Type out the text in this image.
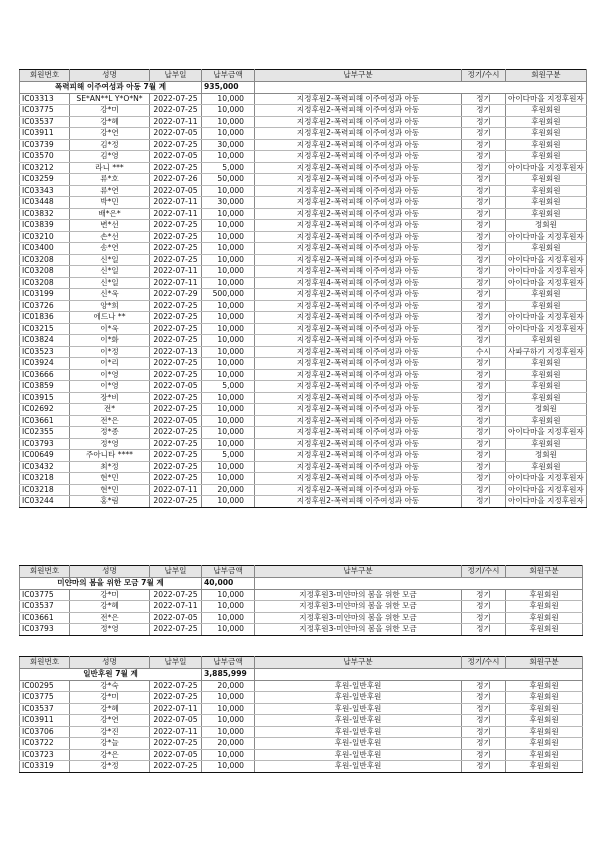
회원번호	성명	납부일	납부금액	납부구분	정기/수시	회원구분
폭력피해 이주여성과 아동 7월 계			935,000			
IC03313	SE*AN**L Y*O*N*	2022-07-25	10,000	지정후원2-폭력피해 이주여성과 아동	정기	아이다마을 지정후원자
IC03775	강*미	2022-07-25	10,000	지정후원2-폭력피해 이주여성과 아동	정기	후원회원
IC03537	강*혜	2022-07-11	10,000	지정후원2-폭력피해 이주여성과 아동	정기	후원회원
IC03911	강*연	2022-07-05	10,000	지정후원2-폭력피해 이주여성과 아동	정기	후원회원
IC03739	김*정	2022-07-25	30,000	지정후원2-폭력피해 이주여성과 아동	정기	후원회원
IC03570	김*영	2022-07-05	10,000	지정후원2-폭력피해 이주여성과 아동	정기	후원회원
IC03212	라니 ***	2022-07-25	5,000	지정후원2-폭력피해 이주여성과 아동	정기	아이다마을 지정후원자
IC03259	류*호	2022-07-26	50,000	지정후원2-폭력피해 이주여성과 아동	정기	후원회원
IC03343	류*연	2022-07-05	10,000	지정후원2-폭력피해 이주여성과 아동	정기	후원회원
IC03448	박*민	2022-07-11	30,000	지정후원2-폭력피해 이주여성과 아동	정기	후원회원
IC03832	배*은*	2022-07-11	10,000	지정후원2-폭력피해 이주여성과 아동	정기	후원회원
IC03839	변*선	2022-07-25	10,000	지정후원2-폭력피해 이주여성과 아동	정기	정회원
IC03210	손*선	2022-07-25	10,000	지정후원2-폭력피해 이주여성과 아동	정기	아이다마을 지정후원자
IC03400	송*연	2022-07-25	10,000	지정후원2-폭력피해 이주여성과 아동	정기	후원회원
IC03208	신*일	2022-07-25	10,000	지정후원2-폭력피해 이주여성과 아동	정기	아이다마을 지정후원자
IC03208	신*일	2022-07-11	10,000	지정후원2-폭력피해 이주여성과 아동	정기	아이다마을 지정후원자
IC03208	신*일	2022-07-11	10,000	지정후원4-폭력피해 이주여성과 아동	정기	아이다마을 지정후원자
IC03199	신*욱	2022-07-29	500,000	지정후원2-폭력피해 이주여성과 아동	정기	후원회원
IC03726	양*희	2022-07-25	10,000	지정후원2-폭력피해 이주여성과 아동	정기	후원회원
IC01836	에드나 **	2022-07-25	10,000	지정후원2-폭력피해 이주여성과 아동	정기	아이다마을 지정후원자
IC03215	이*욱	2022-07-25	10,000	지정후원2-폭력피해 이주여성과 아동	정기	아이다마을 지정후원자
IC03824	이*화	2022-07-25	10,000	지정후원2-폭력피해 이주여성과 아동	정기	후원회원
IC03523	이*정	2022-07-13	10,000	지정후원2-폭력피해 이주여성과 아동	수시	사파구하기 지정후원자
IC03924	이*리	2022-07-25	10,000	지정후원2-폭력피해 이주여성과 아동	정기	후원회원
IC03666	이*영	2022-07-25	10,000	지정후원2-폭력피해 이주여성과 아동	정기	후원회원
IC03859	이*영	2022-07-05	5,000	지정후원2-폭력피해 이주여성과 아동	정기	후원회원
IC03915	장*비	2022-07-25	10,000	지정후원2-폭력피해 이주여성과 아동	정기	후원회원
IC02692	전*	2022-07-25	10,000	지정후원2-폭력피해 이주여성과 아동	정기	정회원
IC03661	전*은	2022-07-05	10,000	지정후원2-폭력피해 이주여성과 아동	정기	후원회원
IC02355	정*종	2022-07-25	10,000	지정후원2-폭력피해 이주여성과 아동	정기	아이다마을 지정후원자
IC03793	정*영	2022-07-25	10,000	지정후원2-폭력피해 이주여성과 아동	정기	후원회원
IC00649	주아니타 ****	2022-07-25	5,000	지정후원2-폭력피해 이주여성과 아동	정기	정회원
IC03432	최*정	2022-07-25	10,000	지정후원2-폭력피해 이주여성과 아동	정기	후원회원
IC03218	현*민	2022-07-25	10,000	지정후원2-폭력피해 이주여성과 아동	정기	아이다마을 지정후원자
IC03218	현*민	2022-07-11	20,000	지정후원2-폭력피해 이주여성과 아동	정기	아이다마을 지정후원자
IC03244	홍*림	2022-07-25	10,000	지정후원2-폭력피해 이주여성과 아동	정기	아이다마을 지정후원자
회원번호	성명	납부일	납부금액	납부구분	정기/수시	회원구분
미얀마의 봄을 위한 모금 7월 계			40,000			
IC03775	강*미	2022-07-25	10,000	지정후원3-미얀마의 봄을 위한 모금	정기	후원회원
IC03537	강*혜	2022-07-11	10,000	지정후원3-미얀마의 봄을 위한 모금	정기	후원회원
IC03661	전*은	2022-07-05	10,000	지정후원3-미얀마의 봄을 위한 모금	정기	후원회원
IC03793	정*영	2022-07-25	10,000	지정후원3-미얀마의 봄을 위한 모금	정기	후원회원
회원번호	성명	납부일	납부금액	납부구분	정기/수시	회원구분
일반후원 7월 계			3,885,999			
IC00295	강*숙	2022-07-25	20,000	후원-일반후원	정기	후원회원
IC03775	강*미	2022-07-25	10,000	후원-일반후원	정기	후원회원
IC03537	강*혜	2022-07-11	10,000	후원-일반후원	정기	후원회원
IC03911	강*연	2022-07-05	10,000	후원-일반후원	정기	후원회원
IC03706	강*진	2022-07-11	10,000	후원-일반후원	정기	후원회원
IC03722	강*늘	2022-07-25	20,000	후원-일반후원	정기	후원회원
IC03723	강*은	2022-07-05	10,000	후원-일반후원	정기	후원회원
IC03319	강*정	2022-07-25	10,000	후원-일반후원	정기	후원회원
